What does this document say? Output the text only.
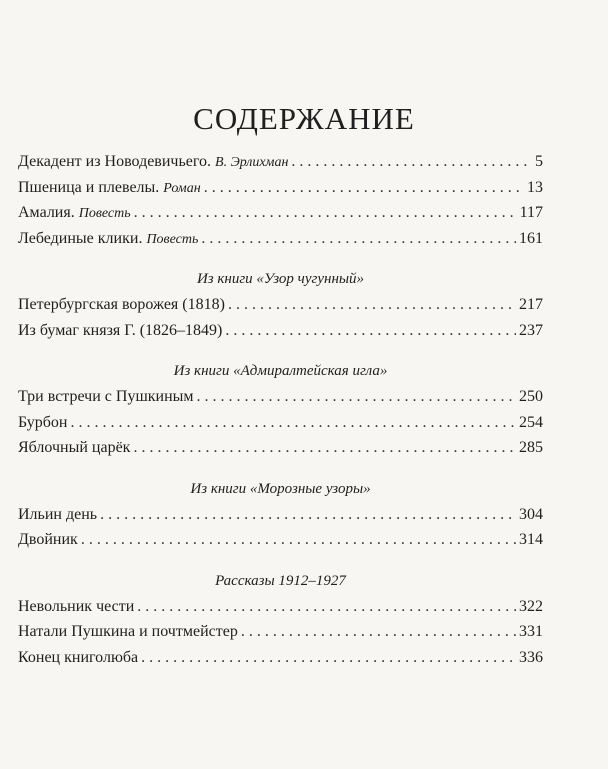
СОДЕРЖАНИЕ
Декадент из Новодевичьего. В. Эрлихман . . .	5
Пшеница и плевелы. Роман . . .	13
Амалия. Повесть . . .	117
Лебединые клики. Повесть . . .	161
Из книги «Узор чугунный»
Петербургская ворожея (1818) . . .	217
Из бумаг князя Г. (1826–1849) . . .	237
Из книги «Адмиралтейская игла»
Три встречи с Пушкиным . . .	250
Бурбон . . .	254
Яблочный царёк . . .	285
Из книги «Морозные узоры»
Ильин день . . .	304
Двойник . . .	314
Рассказы 1912–1927
Невольник чести . . .	322
Натали Пушкина и почтмейстер . . .	331
Конец книголюба . . .	336
